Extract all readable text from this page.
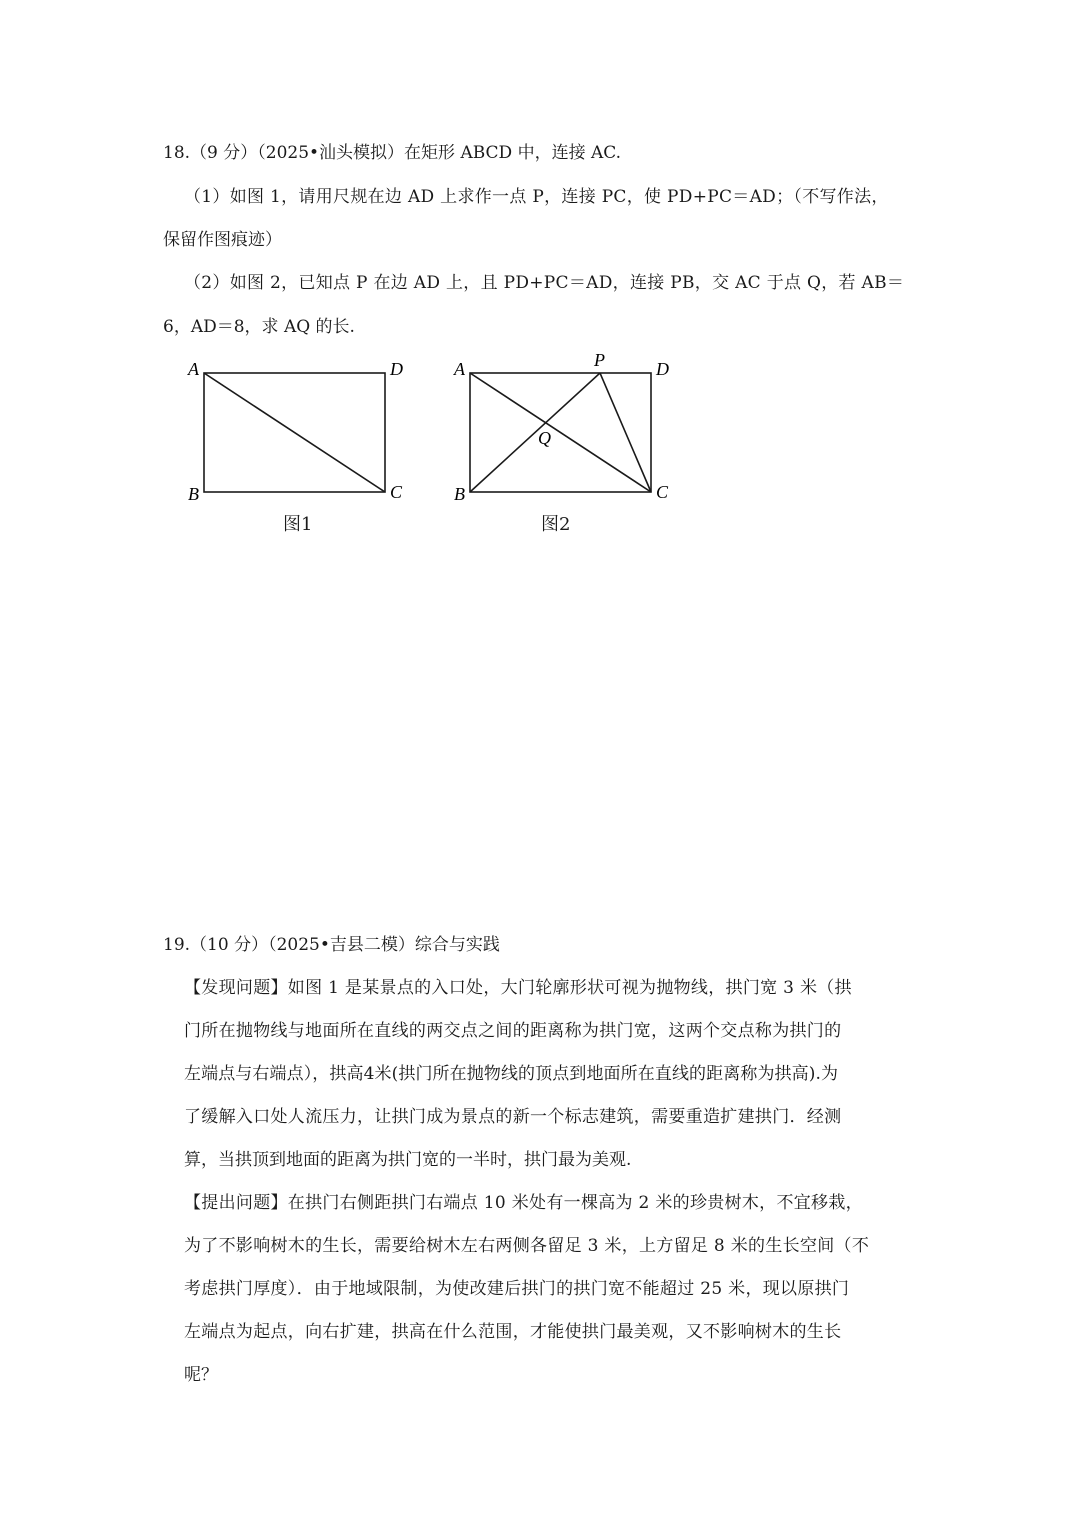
18.（9 分）（2025•汕头模拟）在矩形 ABCD 中，连接 AC.
（1）如图 1，请用尺规在边 AD 上求作一点 P，连接 PC，使 PD+PC＝AD；（不写作法，
保留作图痕迹）
（2）如图 2，已知点 P 在边 AD 上，且 PD+PC＝AD，连接 PB，交 AC 于点 Q，若 AB＝
6，AD＝8，求 AQ 的长.
A	D
B	C
图1
A	P	D
Q
B	C
图2
19.（10 分）（2025•吉县二模）综合与实践
【发现问题】如图 1 是某景点的入口处，大门轮廓形状可视为抛物线，拱门宽 3 米（拱
门所在抛物线与地面所在直线的两交点之间的距离称为拱门宽，这两个交点称为拱门的
左端点与右端点），拱高4米(拱门所在抛物线的顶点到地面所在直线的距离称为拱高).为
了缓解入口处人流压力，让拱门成为景点的新一个标志建筑，需要重造扩建拱门．经测
算，当拱顶到地面的距离为拱门宽的一半时，拱门最为美观.
【提出问题】在拱门右侧距拱门右端点 10 米处有一棵高为 2 米的珍贵树木，不宜移栽，
为了不影响树木的生长，需要给树木左右两侧各留足 3 米，上方留足 8 米的生长空间（不
考虑拱门厚度）．由于地域限制，为使改建后拱门的拱门宽不能超过 25 米，现以原拱门
左端点为起点，向右扩建，拱高在什么范围，才能使拱门最美观，又不影响树木的生长
呢？
